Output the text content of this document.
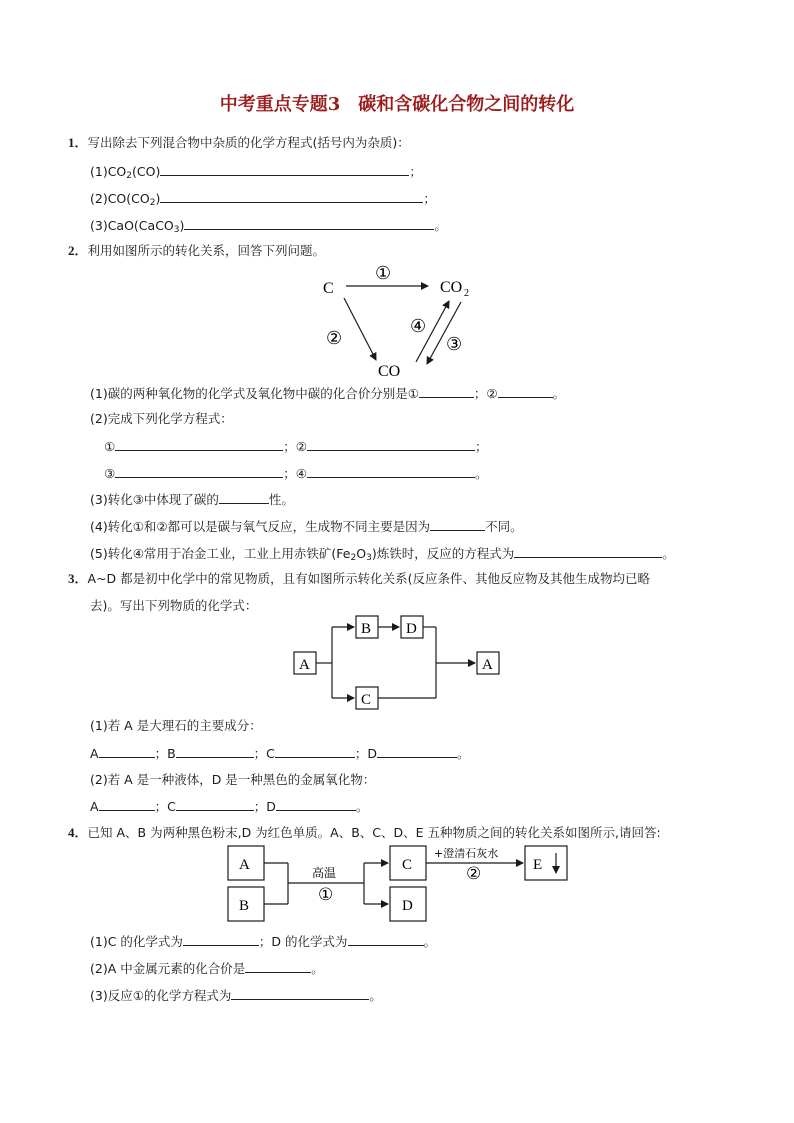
中考重点专题3　碳和含碳化合物之间的转化
1．写出除去下列混合物中杂质的化学方程式(括号内为杂质)：
$(1)CO_2(CO)$	；
$(2)CO(CO_2)$	；
(3)CaO(CaCO$_3$)	。
2．利用如图所示的转化关系，回答下列问题。
C	CO 2
CO
①
②
④
③
(1)碳的两种氧化物的化学式及氧化物中碳的化合价分别是①	；②	。
(2)完成下列化学方程式：
①	；②	；
③	；④	。
(3)转化③中体现了碳的	性。
(4)转化①和②都可以是碳与氧气反应，生成物不同主要是因为	不同。
(5)转化④常用于冶金工业，工业上用赤铁矿$(Fe_2O_3)$炼铁时，反应的方程式为	。
3．A~D 都是初中化学中的常见物质，且有如图所示转化关系(反应条件、其他反应物及其他生成物均已略
去)。写出下列物质的化学式：
A
B D
C
A
(1)若 A 是大理石的主要成分：
A	；B	；C	；D	。
(2)若 A 是一种液体，D 是一种黑色的金属氧化物：
A	；C	；D	。
4．已知 A、B 为两种黑色粉末,D 为红色单质。A、B、C、D、E 五种物质之间的转化关系如图所示,请回答:
A
B
C
D
E
高温
①
+澄清石灰水
②
(1)C 的化学式为	；D 的化学式为	。
(2)A 中金属元素的化合价是	。
(3)反应①的化学方程式为	。
